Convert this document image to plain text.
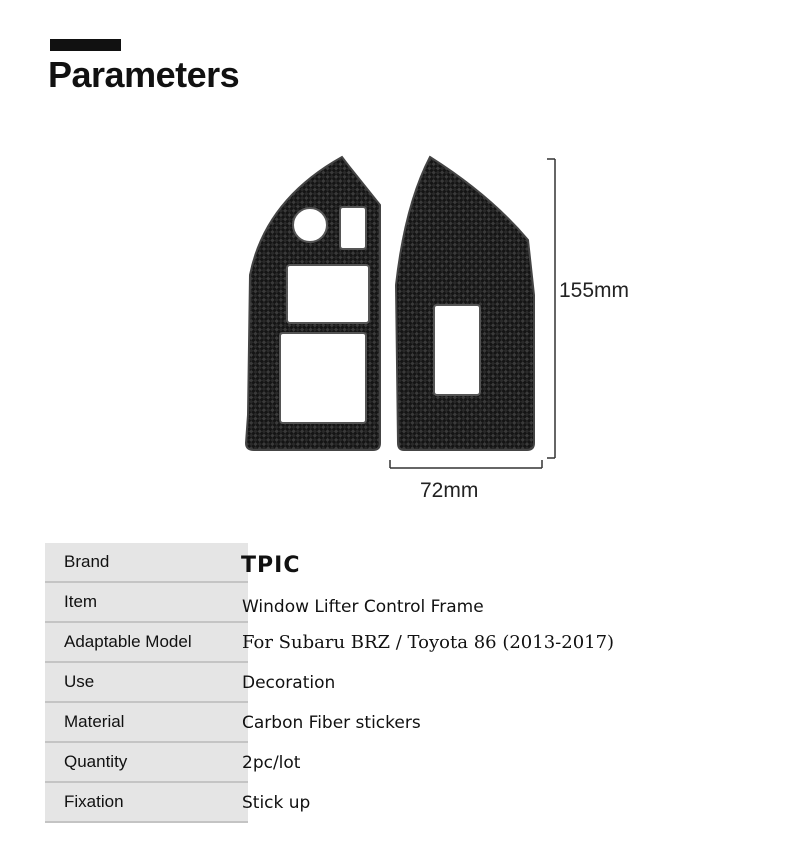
Parameters
155mm
72mm
Brand	TPIC
Item	Window Lifter Control Frame
Adaptable Model	For Subaru BRZ / Toyota 86 (2013-2017)
Use	Decoration
Material	Carbon Fiber stickers
Quantity	2pc/lot
Fixation	Stick up
